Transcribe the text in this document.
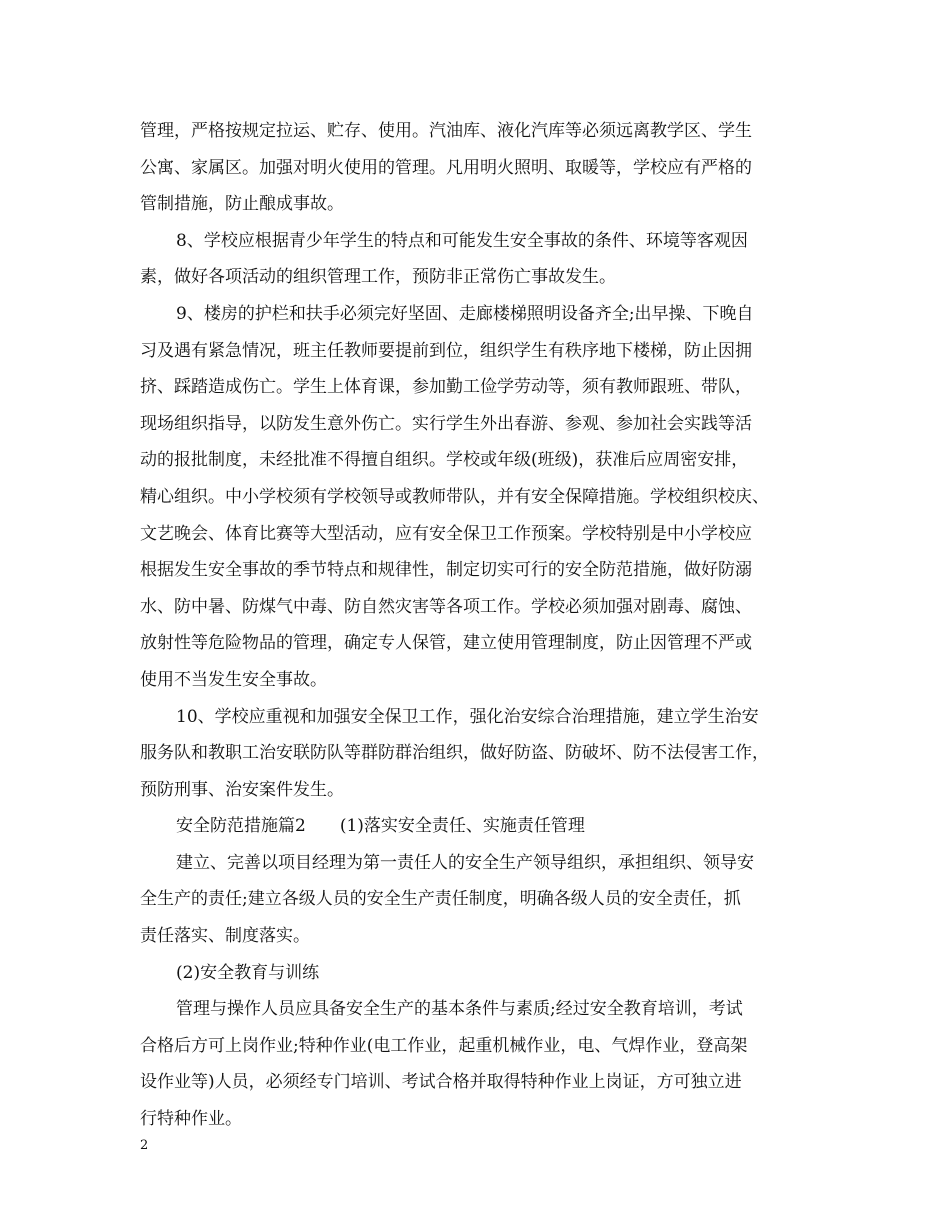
管理，严格按规定拉运、贮存、使用。汽油库、液化汽库等必须远离教学区、学生
公寓、家属区。加强对明火使用的管理。凡用明火照明、取暖等，学校应有严格的
管制措施，防止酿成事故。
8、学校应根据青少年学生的特点和可能发生安全事故的条件、环境等客观因
素，做好各项活动的组织管理工作，预防非正常伤亡事故发生。
9、楼房的护栏和扶手必须完好坚固、走廊楼梯照明设备齐全;出早操、下晚自
习及遇有紧急情况，班主任教师要提前到位，组织学生有秩序地下楼梯，防止因拥
挤、踩踏造成伤亡。学生上体育课，参加勤工俭学劳动等，须有教师跟班、带队，
现场组织指导，以防发生意外伤亡。实行学生外出春游、参观、参加社会实践等活
动的报批制度，未经批准不得擅自组织。学校或年级(班级)，获准后应周密安排，
精心组织。中小学校须有学校领导或教师带队，并有安全保障措施。学校组织校庆、
文艺晚会、体育比赛等大型活动，应有安全保卫工作预案。学校特别是中小学校应
根据发生安全事故的季节特点和规律性，制定切实可行的安全防范措施，做好防溺
水、防中暑、防煤气中毒、防自然灾害等各项工作。学校必须加强对剧毒、腐蚀、
放射性等危险物品的管理，确定专人保管，建立使用管理制度，防止因管理不严或
使用不当发生安全事故。
10、学校应重视和加强安全保卫工作，强化治安综合治理措施，建立学生治安
服务队和教职工治安联防队等群防群治组织，做好防盗、防破坏、防不法侵害工作，
预防刑事、治安案件发生。
安全防范措施篇2 (1)落实安全责任、实施责任管理
建立、完善以项目经理为第一责任人的安全生产领导组织，承担组织、领导安
全生产的责任;建立各级人员的安全生产责任制度，明确各级人员的安全责任，抓
责任落实、制度落实。
(2)安全教育与训练
管理与操作人员应具备安全生产的基本条件与素质;经过安全教育培训，考试
合格后方可上岗作业;特种作业(电工作业，起重机械作业，电、气焊作业，登高架
设作业等)人员，必须经专门培训、考试合格并取得特种作业上岗证，方可独立进
行特种作业。
2
